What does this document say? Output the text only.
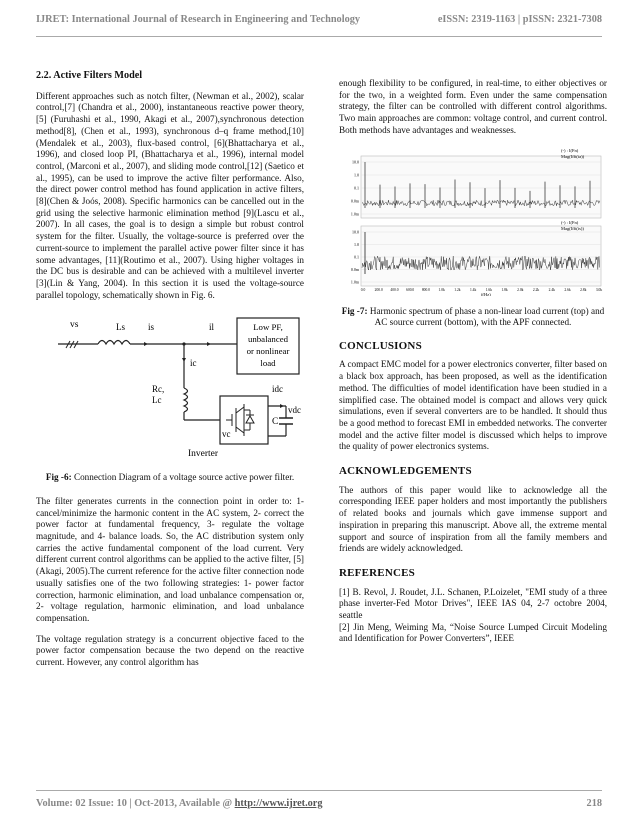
IJRET: International Journal of Research in Engineering and Technology	eISSN: 2319-1163 | pISSN: 2321-7308
2.2. Active Filters Model

Different approaches such as notch filter, (Newman et al., 2002), scalar control,[7] (Chandra et al., 2000), instantaneous reactive power theory,[5] (Furuhashi et al., 1990, Akagi et al., 2007),synchronous detection method[8], (Chen et al., 1993), synchronous d–q frame method,[10](Mendalek et al., 2003), flux-based control, [6](Bhattacharya et al., 1996), and closed loop PI, (Bhattacharya et al., 1996), internal model control, (Marconi et al., 2007), and sliding mode control,[12] (Saetico et al., 1995), can be used to improve the active filter performance. Also, the direct power control method has found application in active filters, [8](Chen & Joós, 2008). Specific harmonics can be cancelled out in the grid using the selective harmonic elimination method [9](Lascu et al., 2007). In all cases, the goal is to design a simple but robust control system for the filter. Usually, the voltage-source is preferred over the current-source to implement the parallel active power filter since it has some advantages, [11](Routimo et al., 2007). Using higher voltages in the DC bus is desirable and can be achieved with a multilevel inverter [3](Lin & Yang, 2004). In this section it is used the voltage-source parallel topology, schematically shown in Fig. 6.

vs	Ls	is	il	Low PF,
unbalanced
or nonlinear
load
ic
Rc,
Lc
vc
Inverter
C
idc
vdc
Fig -6: Connection Diagram of a voltage source active power filter.

The filter generates currents in the connection point in order to: 1- cancel/minimize the harmonic content in the AC system, 2- correct the power factor at fundamental frequency, 3- regulate the voltage magnitude, and 4- balance loads. So, the AC distribution system only carries the active fundamental component of the load current. Very different current control algorithms can be applied to the active filter, [5](Akagi, 2005).The current reference for the active filter connection node usually satisfies one of the two following strategies: 1- power factor correction, harmonic elimination, and load unbalance compensation or, 2- voltage regulation, harmonic elimination, and load unbalance compensation.

The voltage regulation strategy is a concurrent objective faced to the power factor compensation because the two depend on the reactive current. However, any control algorithm has

enough flexibility to be configured, in real-time, to either objectives or for the two, in a weighted form. Even under the same compensation strategy, the filter can be controlled with different control algorithms. Two main approaches are common: voltage control, and current control. Both methods have advantages and weaknesses.

(-) : I(Fn)
Mag(Ifft(ia))
(-) : I(Fn)
Mag(Ifft(is))
f(Hz)
10.0
1.0
0.1
0.0m
1.0m
10.0
1.0
0.1
0.0m
1.0m
0.0	200.0 400.0 600.0 800.0 1.0k	1.2k	1.4k	1.6k	1.8k	2.0k	2.2k	2.4k	2.6k	2.8k	3.0k
Fig -7: Harmonic spectrum of phase a non-linear load current (top) and AC source current (bottom), with the APF connected.
CONCLUSIONS

A compact EMC model for a power electronics converter, filter based on a black box approach, has been proposed, as well as the identification method. The difficulties of model identification have been studied in a simplified case. The obtained model is compact and allows very quick simulations, even if several converters are to be handled. It should thus be a good method to forecast EMI in embedded networks. The converter model and the active filter model is discussed which helps to improve the quality of power electronics systems.

ACKNOWLEDGEMENTS

The authors of this paper would like to acknowledge all the corresponding IEEE paper holders and most importantly the publishers of related books and journals which gave immense support and inspiration in preparing this manuscript. Above all, the extreme mental support and source of inspiration from all the family members and friends are widely acknowledged.

REFERENCES
[1] B. Revol, J. Roudet, J.L. Schanen, P.Loizelet, "EMI study of a three phase inverter-Fed Motor Drives", IEEE IAS 04, 2-7 octobre 2004, seattle
[2] Jin Meng, Weiming Ma, “Noise Source Lumped Circuit Modeling and Identification for Power Converters”, IEEE
Volume: 02 Issue: 10 | Oct-2013, Available @ http://www.ijret.org	218
